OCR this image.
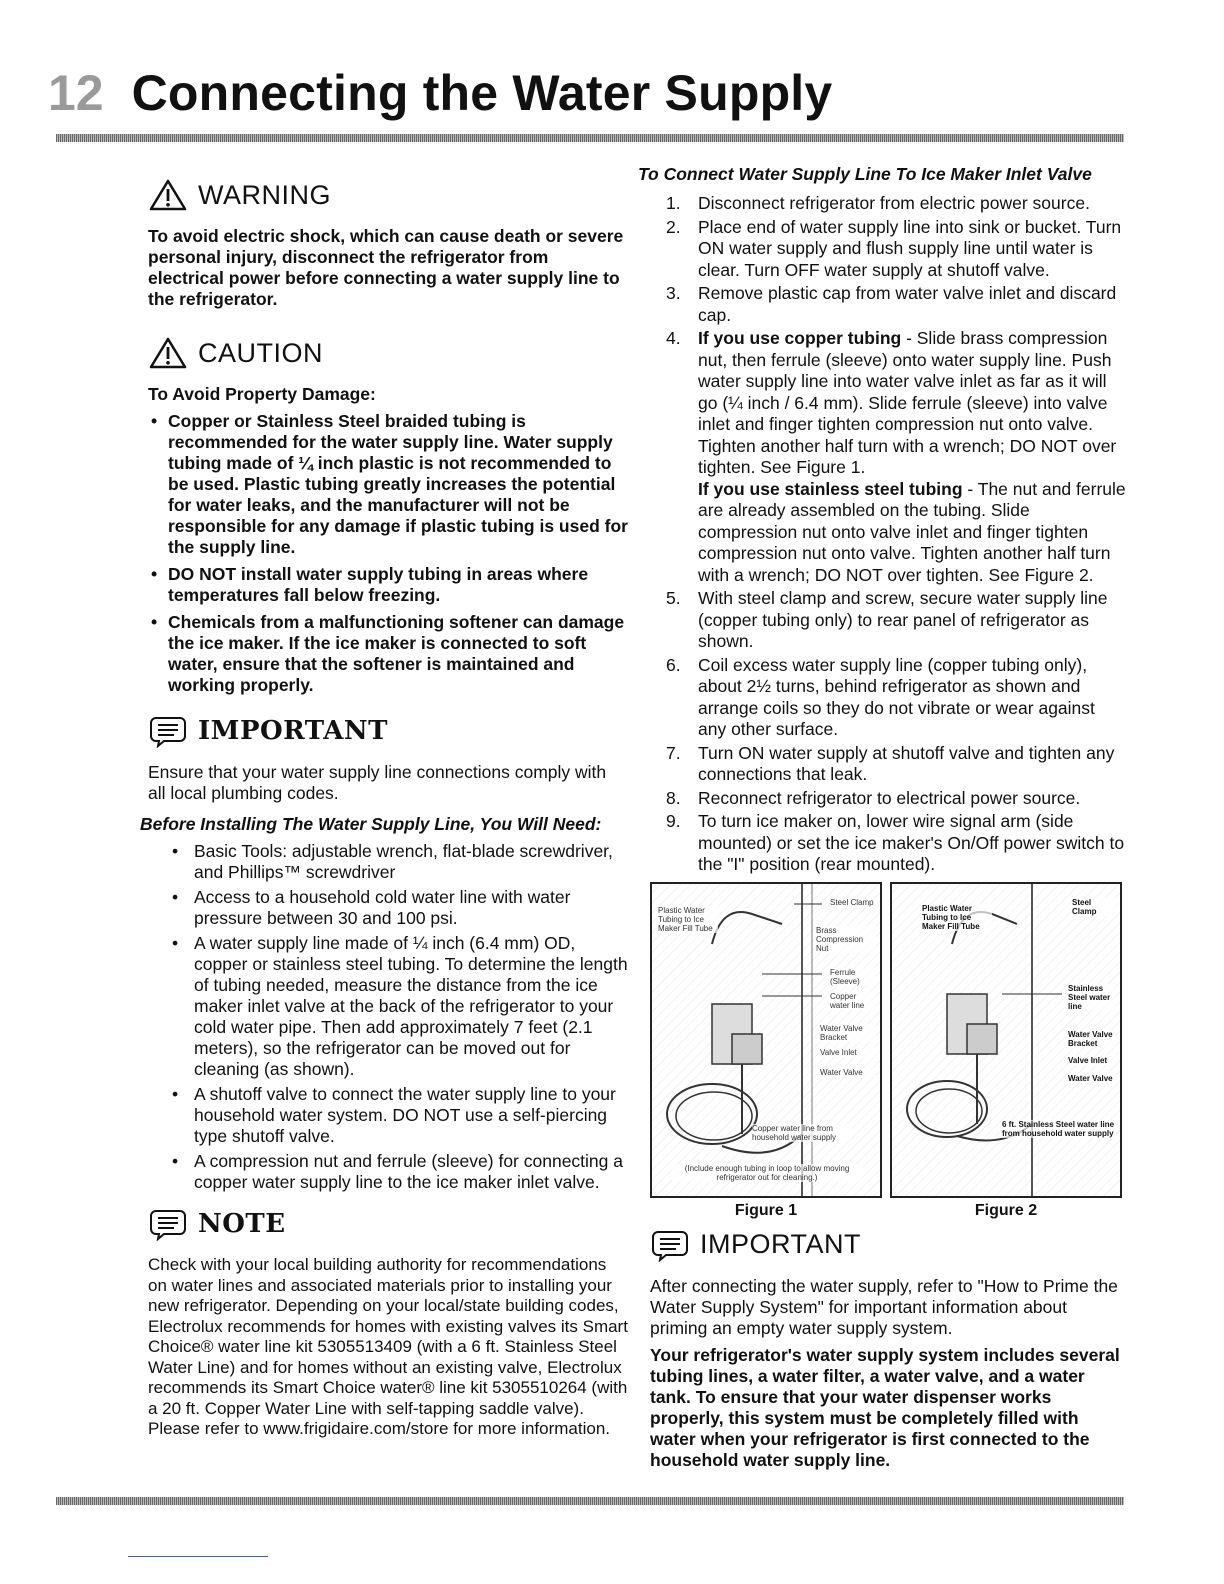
12 Connecting the Water Supply
WARNING

To avoid electric shock, which can cause death or severe personal injury, disconnect the refrigerator from electrical power before connecting a water supply line to the refrigerator.

CAUTION
To Avoid Property Damage:
• Copper or Stainless Steel braided tubing is recommended for the water supply line. Water supply tubing made of ¼ inch plastic is not recommended to be used. Plastic tubing greatly increases the potential for water leaks, and the manufacturer will not be responsible for any damage if plastic tubing is used for the supply line.
• DO NOT install water supply tubing in areas where temperatures fall below freezing.
• Chemicals from a malfunctioning softener can damage the ice maker. If the ice maker is connected to soft water, ensure that the softener is maintained and working properly.
IMPORTANT

Ensure that your water supply line connections comply with all local plumbing codes.

Before Installing The Water Supply Line, You Will Need:
• Basic Tools: adjustable wrench, flat-blade screwdriver, and Phillips™ screwdriver
• Access to a household cold water line with water pressure between 30 and 100 psi.
• A water supply line made of ¼ inch (6.4 mm) OD, copper or stainless steel tubing. To determine the length of tubing needed, measure the distance from the ice maker inlet valve at the back of the refrigerator to your cold water pipe. Then add approximately 7 feet (2.1 meters), so the refrigerator can be moved out for cleaning (as shown).
• A shutoff valve to connect the water supply line to your household water system. DO NOT use a self-piercing type shutoff valve.
• A compression nut and ferrule (sleeve) for connecting a copper water supply line to the ice maker inlet valve.
NOTE

Check with your local building authority for recommendations on water lines and associated materials prior to installing your new refrigerator. Depending on your local/state building codes, Electrolux recommends for homes with existing valves its Smart Choice® water line kit 5305513409 (with a 6 ft. Stainless Steel Water Line) and for homes without an existing valve, Electrolux recommends its Smart Choice water® line kit 5305510264 (with a 20 ft. Copper Water Line with self-tapping saddle valve). Please refer to www.frigidaire.com/store for more information.

To Connect Water Supply Line To Ice Maker Inlet Valve
1. Disconnect refrigerator from electric power source.
2. Place end of water supply line into sink or bucket. Turn ON water supply and flush supply line until water is clear. Turn OFF water supply at shutoff valve.
3. Remove plastic cap from water valve inlet and discard cap.
4. If you use copper tubing - Slide brass compression nut, then ferrule (sleeve) onto water supply line. Push water supply line into water valve inlet as far as it will go (¼ inch / 6.4 mm). Slide ferrule (sleeve) into valve inlet and finger tighten compression nut onto valve. Tighten another half turn with a wrench; DO NOT over tighten. See Figure 1.
If you use stainless steel tubing - The nut and ferrule are already assembled on the tubing. Slide compression nut onto valve inlet and finger tighten compression nut onto valve. Tighten another half turn with a wrench; DO NOT over tighten. See Figure 2.
5. With steel clamp and screw, secure water supply line (copper tubing only) to rear panel of refrigerator as shown.
6. Coil excess water supply line (copper tubing only), about 2½ turns, behind refrigerator as shown and arrange coils so they do not vibrate or wear against any other surface.
7. Turn ON water supply at shutoff valve and tighten any connections that leak.
8. Reconnect refrigerator to electrical power source.
9. To turn ice maker on, lower wire signal arm (side mounted) or set the ice maker's On/Off power switch to the "I" position (rear mounted).
Plastic Water Tubing to Ice Maker Fill Tube
Steel Clamp
Brass Compression Nut
Ferrule (Sleeve)
Copper water line
Water Valve Bracket
Valve Inlet
Water Valve
Copper water line from household water supply
(Include enough tubing in loop to allow moving refrigerator out for cleaning.)
Figure 1
Plastic Water Tubing to Ice Maker Fill Tube
Steel Clamp
Stainless Steel water line
Water Valve Bracket
Valve Inlet
Water Valve
6 ft. Stainless Steel water line from household water supply
Figure 2
IMPORTANT

After connecting the water supply, refer to "How to Prime the Water Supply System" for important information about priming an empty water supply system.

Your refrigerator's water supply system includes several tubing lines, a water filter, a water valve, and a water tank. To ensure that your water dispenser works properly, this system must be completely filled with water when your refrigerator is first connected to the household water supply line.
